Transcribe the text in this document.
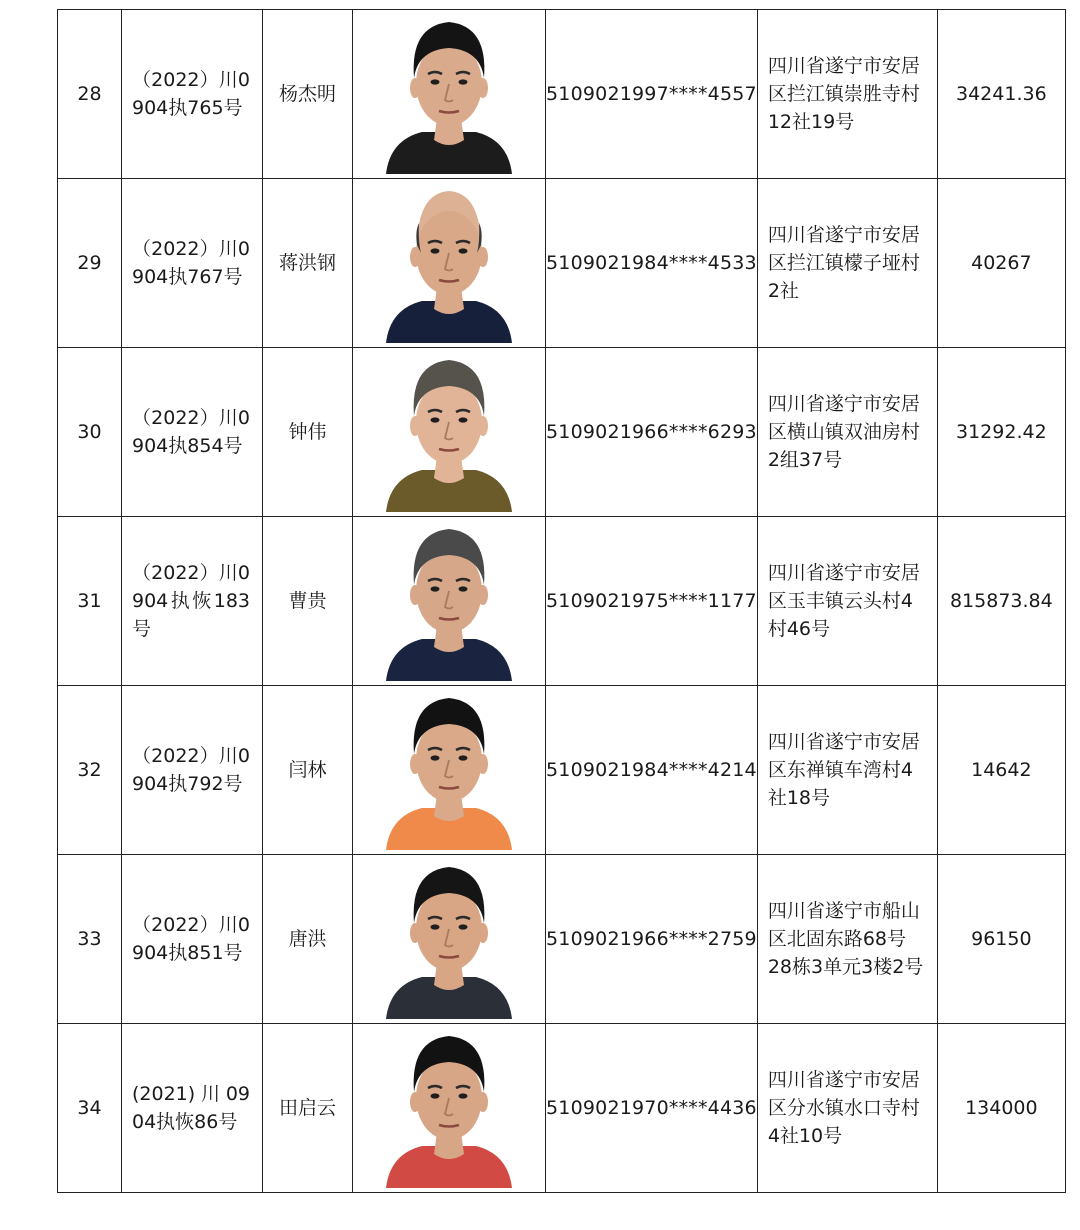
28	（2022）川0904执765号	杨杰明		5109021997****4557	四川省遂宁市安居区拦江镇崇胜寺村12社19号	34241.36

29	（2022）川0904执767号	蒋洪钢		5109021984****4533	四川省遂宁市安居区拦江镇檬子垭村2社	40267

30	（2022）川0904执854号	钟伟		5109021966****6293	四川省遂宁市安居区横山镇双油房村2组37号	31292.42

31	（2022）川0904执恢183号	曹贵		5109021975****1177	四川省遂宁市安居区玉丰镇云头村4村46号	815873.84

32	（2022）川0904执792号	闫林		5109021984****4214	四川省遂宁市安居区东禅镇车湾村4社18号	14642

33	（2022）川0904执851号	唐洪		5109021966****2759	四川省遂宁市船山区北固东路68号28栋3单元3楼2号	96150

34	(2021)川0904执恢86号	田启云		5109021970****4436	四川省遂宁市安居区分水镇水口寺村4社10号	134000
